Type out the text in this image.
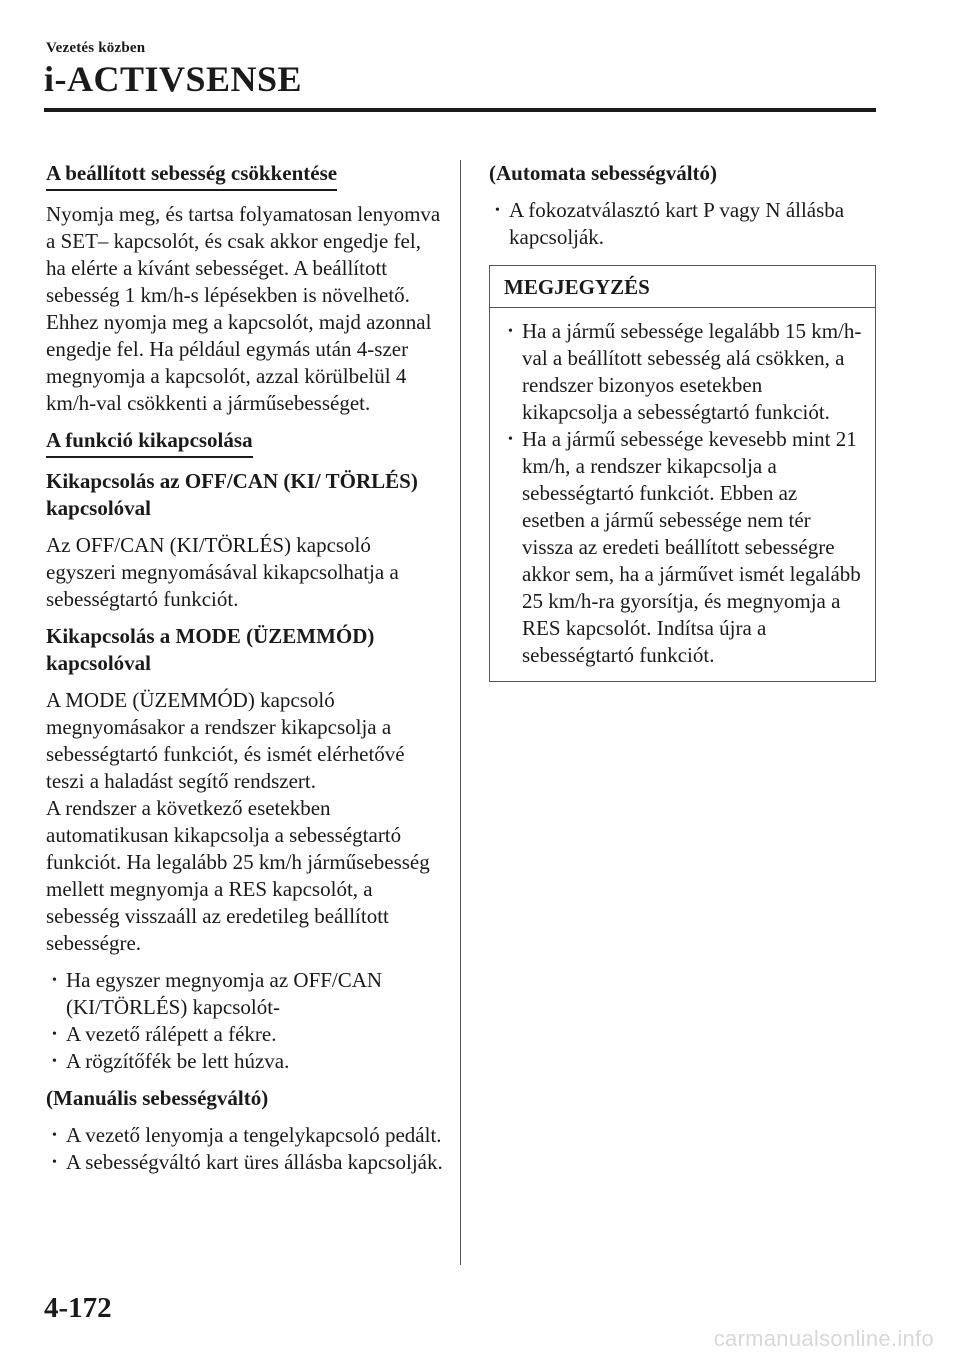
Vezetés közben
i-ACTIVSENSE
A beállított sebesség csökkentése

Nyomja meg, és tartsa folyamatosan lenyomva a SET– kapcsolót, és csak akkor engedje fel, ha elérte a kívánt sebességet. A beállított sebesség 1 km/h-s lépésekben is növelhető. Ehhez nyomja meg a kapcsolót, majd azonnal engedje fel. Ha például egymás után 4-szer megnyomja a kapcsolót, azzal körülbelül 4 km/h-val csökkenti a járműsebességet.

A funkció kikapcsolása
Kikapcsolás az OFF/CAN (KI/ TÖRLÉS) kapcsolóval

Az OFF/CAN (KI/TÖRLÉS) kapcsoló egyszeri megnyomásával kikapcsolhatja a sebességtartó funkciót.

Kikapcsolás a MODE (ÜZEMMÓD) kapcsolóval

A MODE (ÜZEMMÓD) kapcsoló megnyomásakor a rendszer kikapcsolja a sebességtartó funkciót, és ismét elérhetővé teszi a haladást segítő rendszert.

A rendszer a következő esetekben automatikusan kikapcsolja a sebességtartó funkciót. Ha legalább 25 km/h járműsebesség mellett megnyomja a RES kapcsolót, a sebesség visszaáll az eredetileg beállított sebességre.

• Ha egyszer megnyomja az OFF/CAN (KI/TÖRLÉS) kapcsolót-
• A vezető rálépett a fékre.
• A rögzítőfék be lett húzva.
(Manuális sebességváltó)
• A vezető lenyomja a tengelykapcsoló pedált.
• A sebességváltó kart üres állásba kapcsolják.
(Automata sebességváltó)
• A fokozatválasztó kart P vagy N állásba kapcsolják.
MEGJEGYZÉS
• Ha a jármű sebessége legalább 15 km/h-val a beállított sebesség alá csökken, a rendszer bizonyos esetekben kikapcsolja a sebességtartó funkciót.
• Ha a jármű sebessége kevesebb mint 21 km/h, a rendszer kikapcsolja a sebességtartó funkciót. Ebben az esetben a jármű sebessége nem tér vissza az eredeti beállított sebességre akkor sem, ha a járművet ismét legalább 25 km/h-ra gyorsítja, és megnyomja a RES kapcsolót. Indítsa újra a sebességtartó funkciót.
4-172
carmanualsonline.info
